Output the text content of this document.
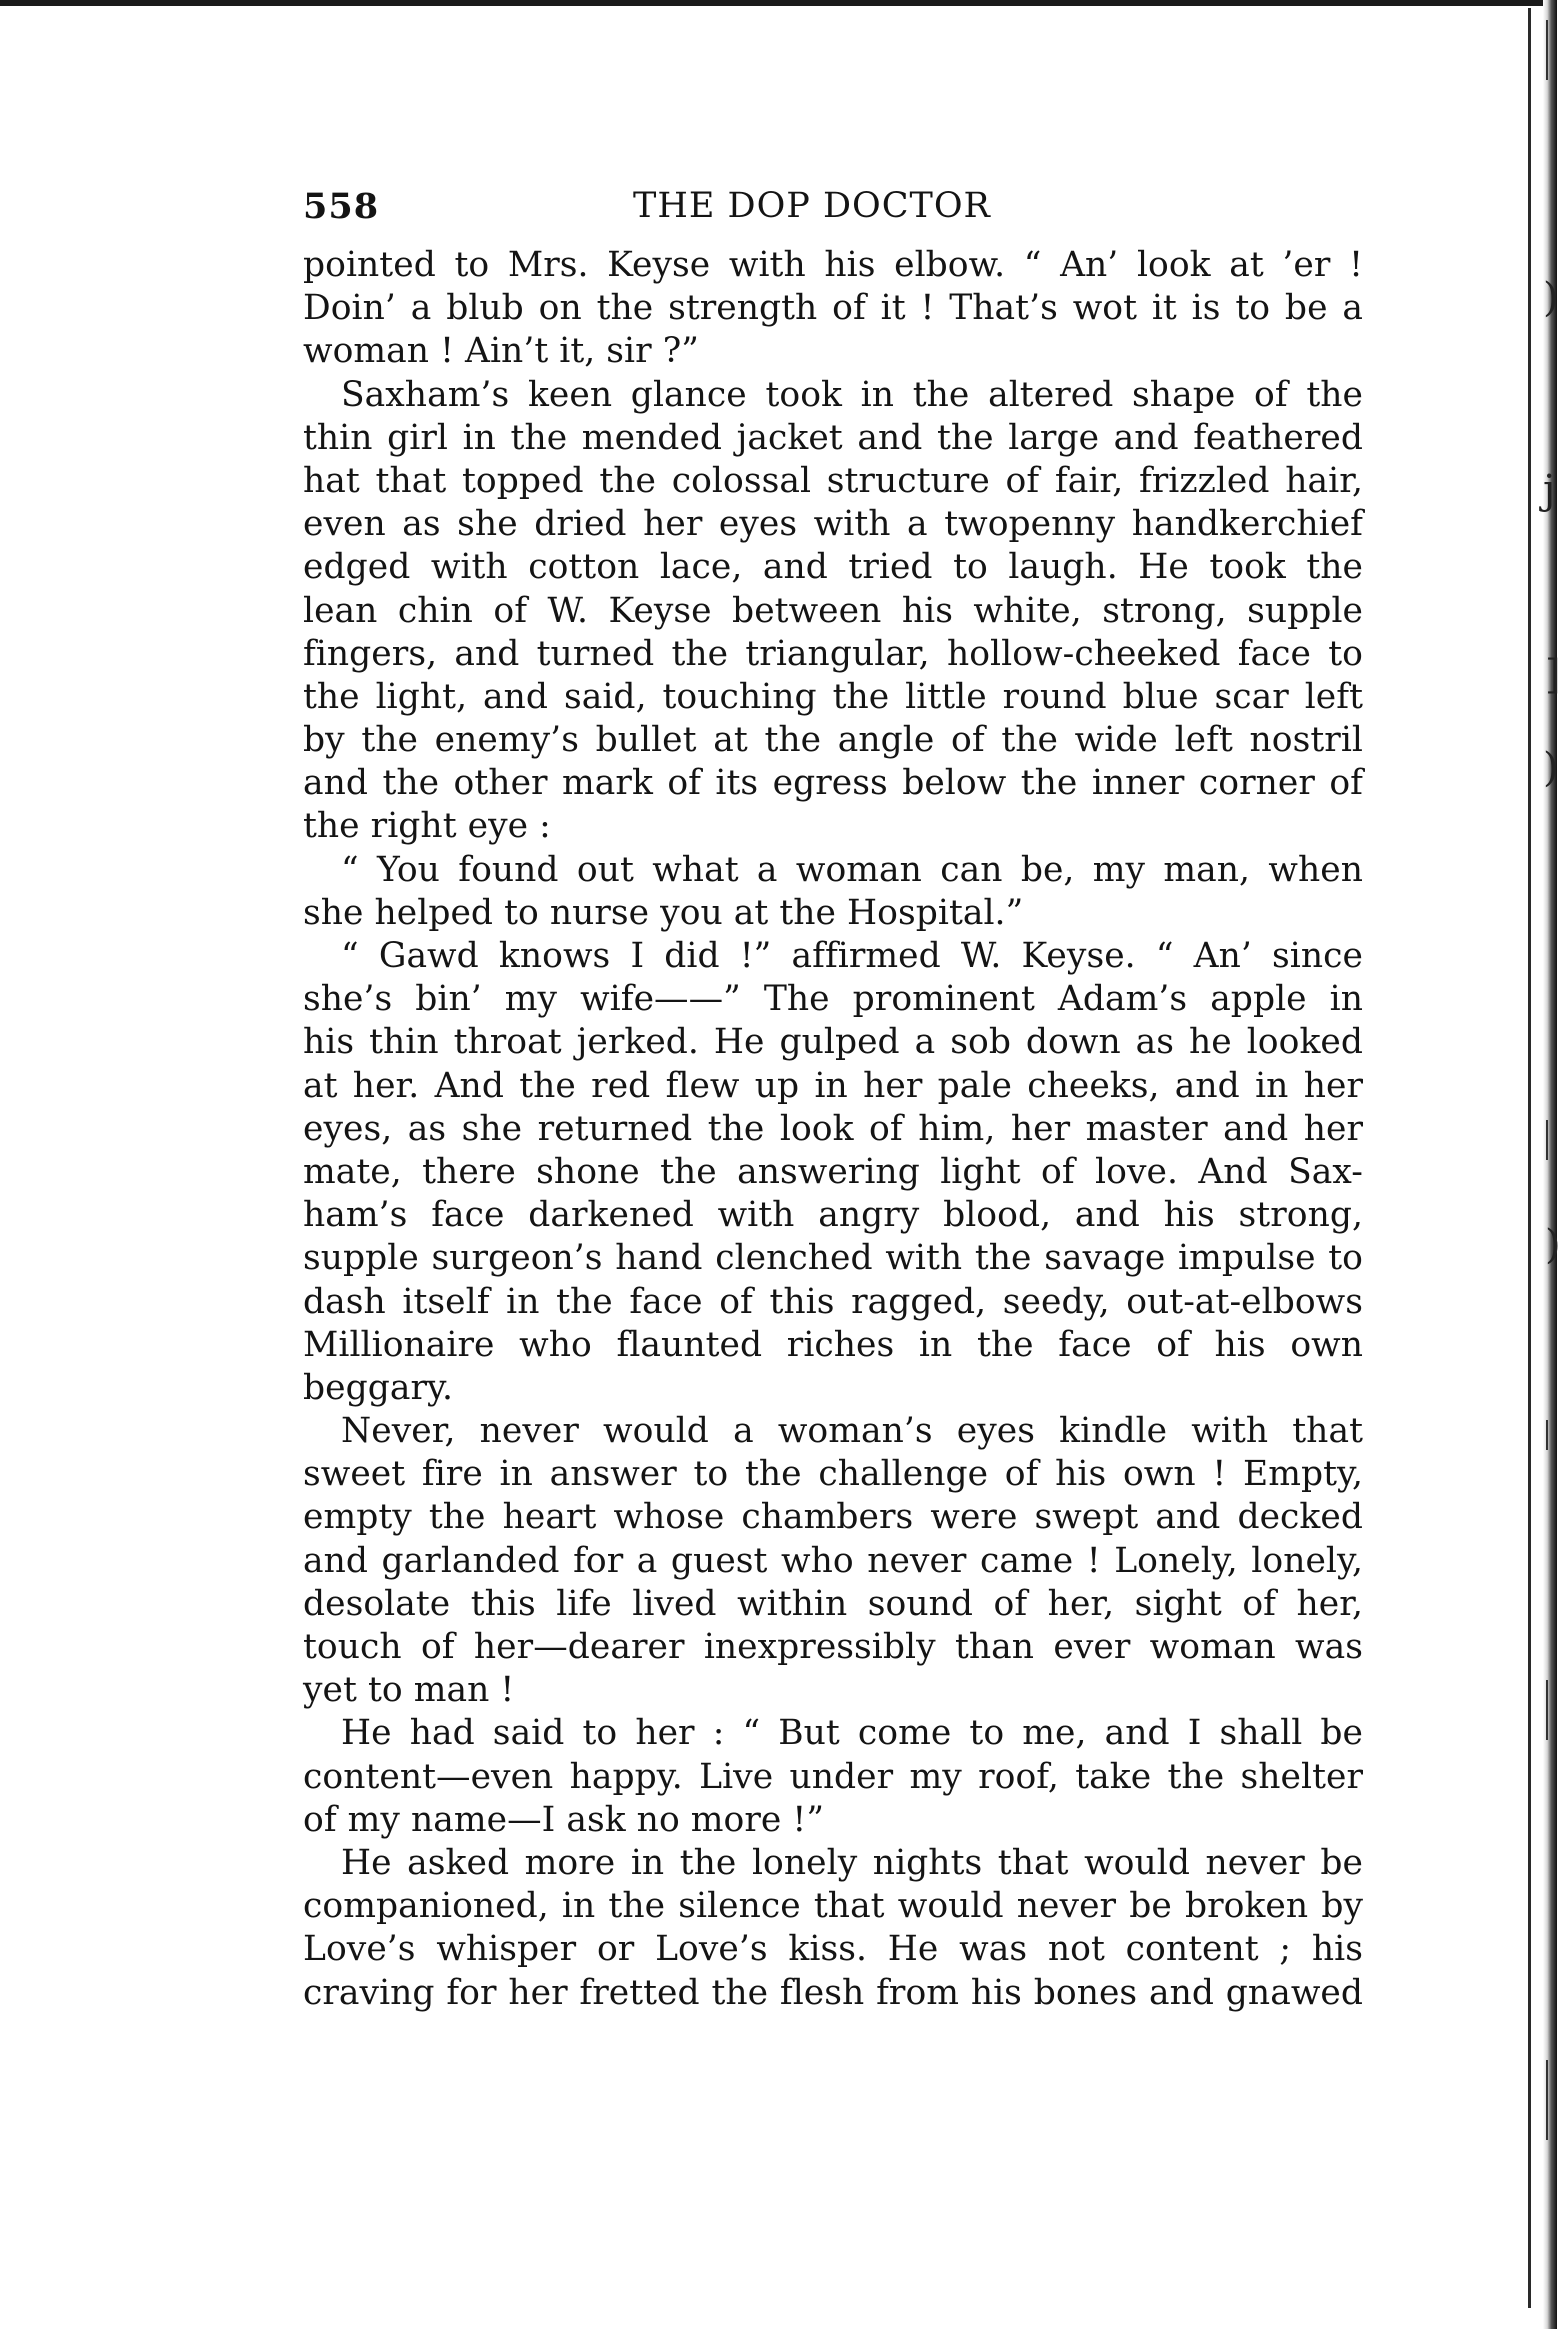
)
j
]
)
)
558	THE DOP DOCTOR
pointed to Mrs. Keyse with his elbow. “ An’ look at ’er !
Doin’ a blub on the strength of it ! That’s wot it is to be a
woman ! Ain’t it, sir ?”
Saxham’s keen glance took in the altered shape of the
thin girl in the mended jacket and the large and feathered
hat that topped the colossal structure of fair, frizzled hair,
even as she dried her eyes with a twopenny handkerchief
edged with cotton lace, and tried to laugh. He took the
lean chin of W. Keyse between his white, strong, supple
fingers, and turned the triangular, hollow-cheeked face to
the light, and said, touching the little round blue scar left
by the enemy’s bullet at the angle of the wide left nostril
and the other mark of its egress below the inner corner of
the right eye :
“ You found out what a woman can be, my man, when
she helped to nurse you at the Hospital.”
“ Gawd knows I did !” affirmed W. Keyse. “ An’ since
she’s bin’ my wife——” The prominent Adam’s apple in
his thin throat jerked. He gulped a sob down as he looked
at her. And the red flew up in her pale cheeks, and in her
eyes, as she returned the look of him, her master and her
mate, there shone the answering light of love. And Sax-
ham’s face darkened with angry blood, and his strong,
supple surgeon’s hand clenched with the savage impulse to
dash itself in the face of this ragged, seedy, out-at-elbows
Millionaire who flaunted riches in the face of his own
beggary.
Never, never would a woman’s eyes kindle with that
sweet fire in answer to the challenge of his own ! Empty,
empty the heart whose chambers were swept and decked
and garlanded for a guest who never came ! Lonely, lonely,
desolate this life lived within sound of her, sight of her,
touch of her—dearer inexpressibly than ever woman was
yet to man !
He had said to her : “ But come to me, and I shall be
content—even happy. Live under my roof, take the shelter
of my name—I ask no more !”
He asked more in the lonely nights that would never be
companioned, in the silence that would never be broken by
Love’s whisper or Love’s kiss. He was not content ; his
craving for her fretted the flesh from his bones and gnawed
